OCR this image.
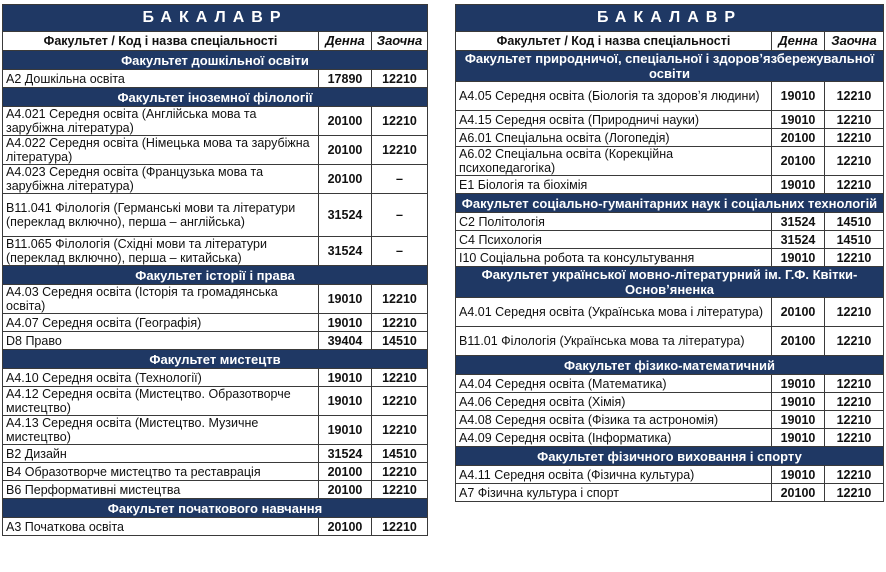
БАКАЛАВР		
Факультет / Код і назва спеціальності	Денна	Заочна
Факультет дошкільної освіти		
А2 Дошкільна освіта	17890	12210
Факультет іноземної філології		
А4.021 Середня освіта (Англійська мова та зарубіжна література)	20100	12210
А4.022 Середня освіта (Німецька мова та зарубіжна література)	20100	12210
А4.023 Середня освіта (Французька мова та зарубіжна література)	20100	–
В11.041 Філологія (Германські мови та літератури (переклад включно), перша – англійська)	31524	–
В11.065 Філологія (Східні мови та літератури (переклад включно), перша – китайська)	31524	–
Факультет історії і права		
А4.03 Середня освіта (Історія та громадянська освіта)	19010	12210
А4.07 Середня освіта (Географія)	19010	12210
D8 Право	39404	14510
Факультет мистецтв		
А4.10 Середня освіта (Технології)	19010	12210
А4.12 Середня освіта (Мистецтво. Образотворче мистецтво)	19010	12210
А4.13 Середня освіта (Мистецтво. Музичне мистецтво)	19010	12210
В2 Дизайн	31524	14510
В4 Образотворче мистецтво та реставрація	20100	12210
В6 Перформативні мистецтва	20100	12210
Факультет початкового навчання		
А3 Початкова освіта	20100	12210
БАКАЛАВР		
Факультет / Код і назва спеціальності	Денна	Заочна
Факультет природничої, спеціальної і здоровʼязбережувальної освіти		
А4.05 Середня освіта (Біологія та здоровʼя людини)	19010	12210
А4.15 Середня освіта (Природничі науки)	19010	12210
А6.01 Спеціальна освіта (Логопедія)	20100	12210
А6.02 Спеціальна освіта (Корекційна психопедагогіка)	20100	12210
Е1 Біологія та біохімія	19010	12210
Факультет соціально-гуманітарних наук і соціальних технологій		
С2 Політологія	31524	14510
С4 Психологія	31524	14510
І10 Соціальна робота та консультування	19010	12210
Факультет української мовно-літературний ім. Г.Ф. Квітки-Основʼяненка		
А4.01 Середня освіта (Українська мова і література)	20100	12210
В11.01 Філологія (Українська мова та література)	20100	12210
Факультет фізико-математичний		
А4.04 Середня освіта (Математика)	19010	12210
А4.06 Середня освіта (Хімія)	19010	12210
А4.08 Середня освіта (Фізика та астрономія)	19010	12210
А4.09 Середня освіта (Інформатика)	19010	12210
Факультет фізичного виховання і спорту		
А4.11 Середня освіта (Фізична культура)	19010	12210
А7 Фізична культура і спорт	20100	12210
